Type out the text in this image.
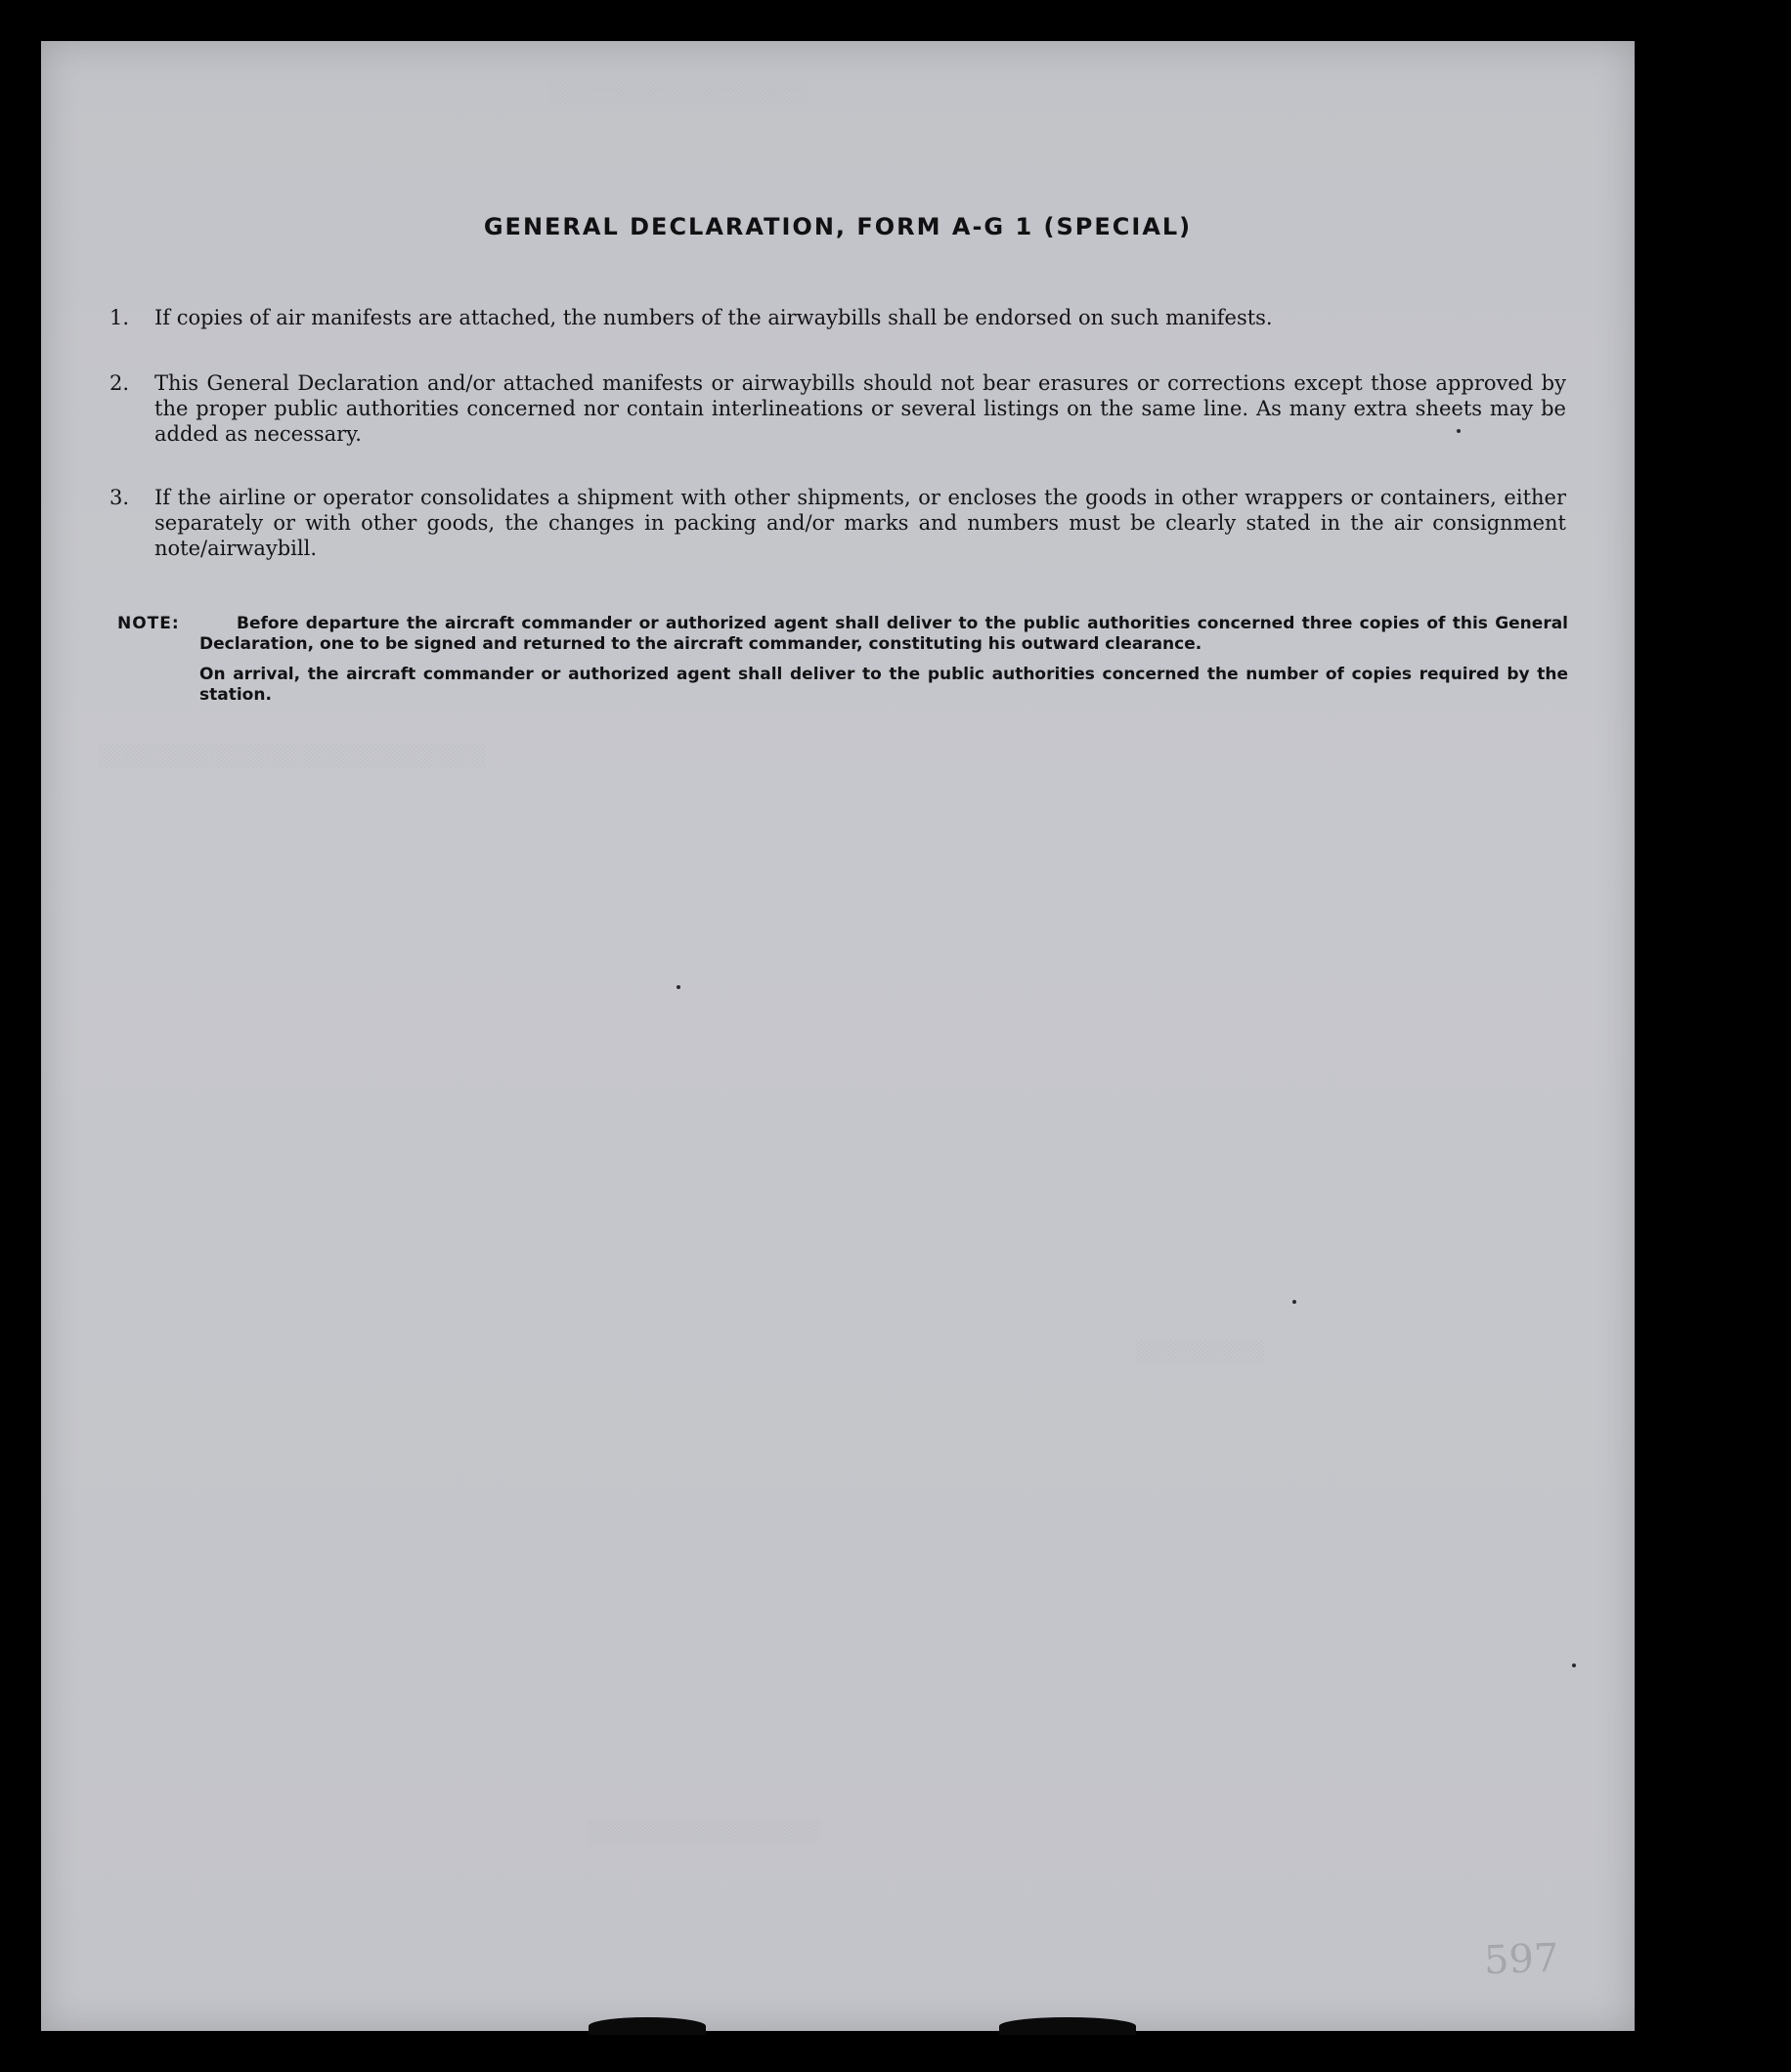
░░░░░░░░░░░░░░░░░░░░
░░░░░░░░░░░░░░░░░░░░░░░░░░░░░░
░░░░░░░░░░
░░░░░░░░░░░░░░░░░░
GENERAL DECLARATION, FORM A-G 1 (SPECIAL)
1.	If copies of air manifests are attached, the numbers of the airwaybills shall be endorsed on such manifests.
2.	This General Declaration and/or attached manifests or airwaybills should not bear erasures or corrections except those approved by the proper public authorities concerned nor contain interlineations or several listings on the same line. As many extra sheets may be added as necessary.
3.	If the airline or operator consolidates a shipment with other shipments, or encloses the goods in other wrappers or containers, either separately or with other goods, the changes in packing and/or marks and numbers must be clearly stated in the air consignment note/airwaybill.
NOTE:	Before departure the aircraft commander or authorized agent shall deliver to the public authorities concerned three copies of this General Declaration, one to be signed and returned to the aircraft commander, constituting his outward clearance.
On arrival, the aircraft commander or authorized agent shall deliver to the public authorities concerned the number of copies required by the station.
597
